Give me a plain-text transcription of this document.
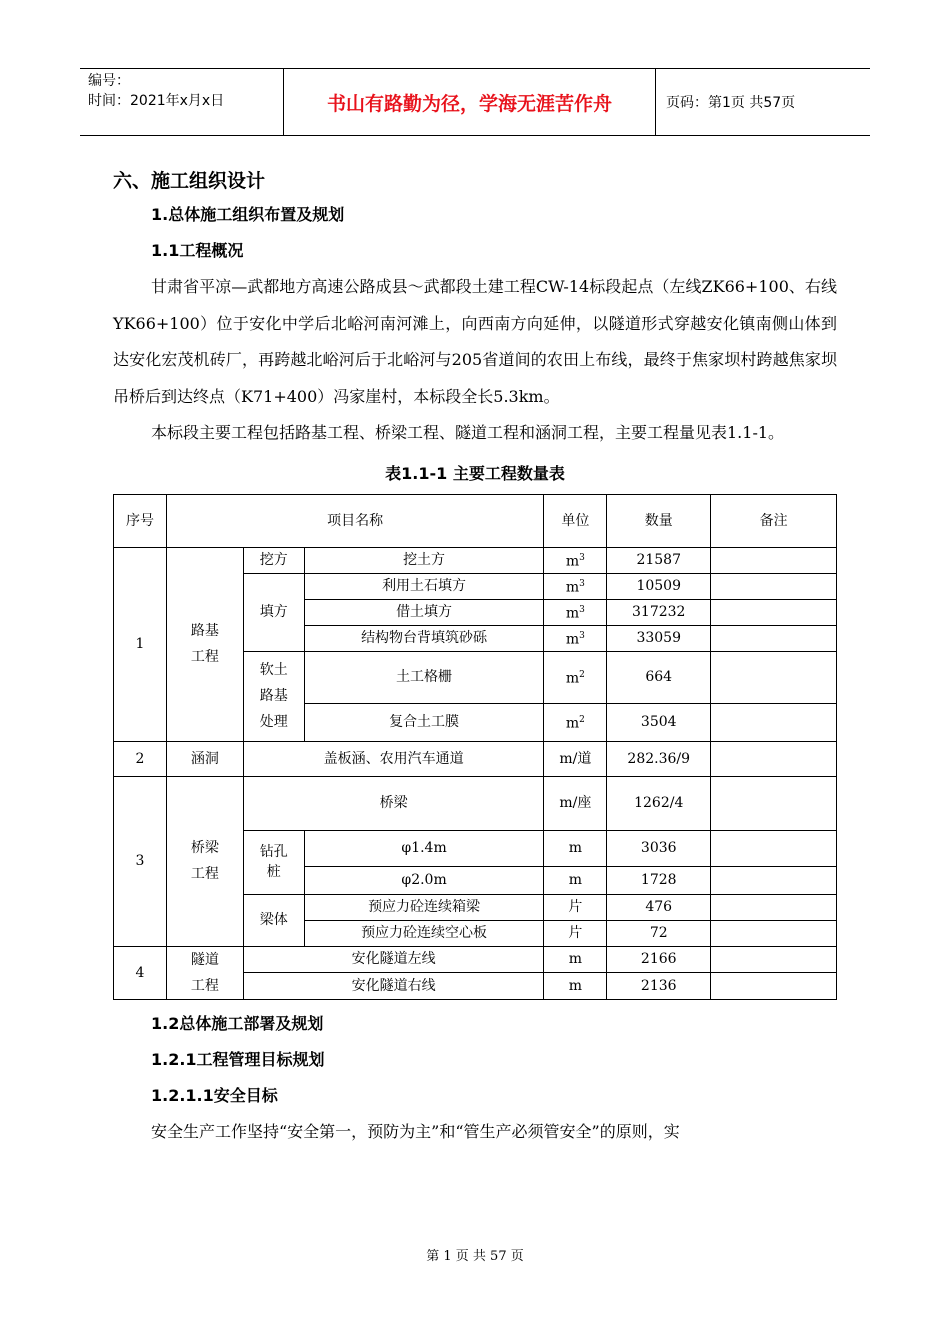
编号：
时间：2021年x月x日	书山有路勤为径，学海无涯苦作舟	页码：第1页 共57页
六、施工组织设计
1.总体施工组织布置及规划
1.1工程概况

甘肃省平凉—武都地方高速公路成县～武都段土建工程CW-14标段起点（左线ZK66+100、右线YK66+100）位于安化中学后北峪河南河滩上，向西南方向延伸，以隧道形式穿越安化镇南侧山体到达安化宏茂机砖厂，再跨越北峪河后于北峪河与205省道间的农田上布线，最终于焦家坝村跨越焦家坝吊桥后到达终点（K71+400）冯家崖村，本标段全长5.3km。

本标段主要工程包括路基工程、桥梁工程、隧道工程和涵洞工程，主要工程量见表1.1-1。

表1.1-1 主要工程数量表
序号	项目名称			单位	数量	备注
1	路基工程	挖方	挖土方	$m^3$	21587	
		填方	利用土石填方	$m^3$	10509	
			借土填方	$m^3$	317232	
			结构物台背填筑砂砾	$m^3$	33059	

		软土路基处理	土工格栅	$m^2$	664	
			复合土工膜	$m^2$	3504	
2	涵洞	盖板涵、农用汽车通道		m/道	282.36/9	
3	桥梁工程	桥梁		m/座	1262/4	

		钻孔桩	φ1.4m	m	3036	
			φ2.0m	m	1728	
		梁体	预应力砼连续箱梁	片	476	
			预应力砼连续空心板	片	72	
4	隧道工程	安化隧道左线		m	2166	
		安化隧道右线		m	2136	
1.2总体施工部署及规划
1.2.1工程管理目标规划
1.2.1.1安全目标

安全生产工作坚持“安全第一，预防为主”和“管生产必须管安全”的原则，实

第 1 页 共 57 页
